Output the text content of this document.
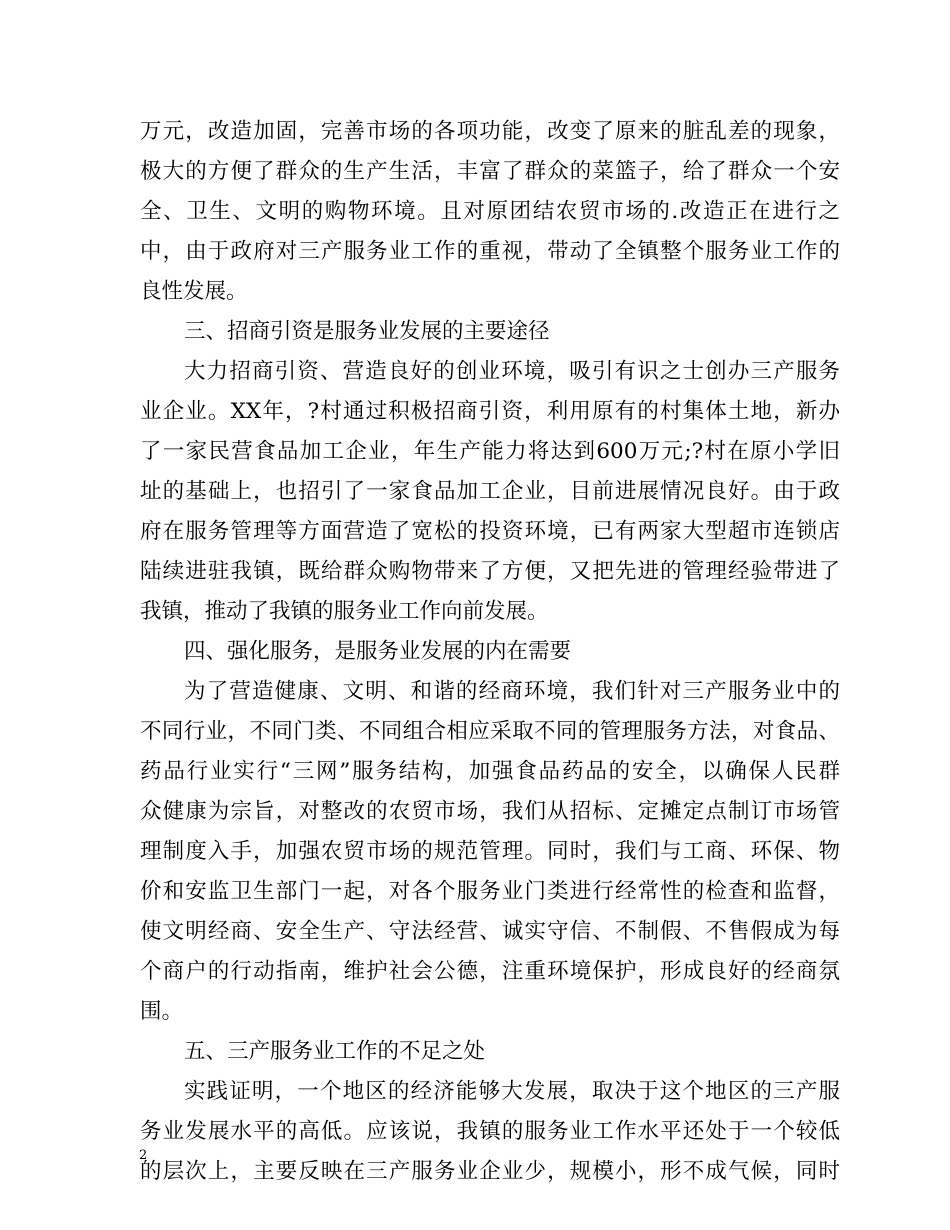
万元，改造加固，完善市场的各项功能，改变了原来的脏乱差的现象，
极大的方便了群众的生产生活，丰富了群众的菜篮子，给了群众一个安
全、卫生、文明的购物环境。且对原团结农贸市场的.改造正在进行之
中，由于政府对三产服务业工作的重视，带动了全镇整个服务业工作的
良性发展。
三、招商引资是服务业发展的主要途径
大力招商引资、营造良好的创业环境，吸引有识之士创办三产服务
业企业。XX年，?村通过积极招商引资，利用原有的村集体土地，新办
了一家民营食品加工企业，年生产能力将达到600万元;?村在原小学旧
址的基础上，也招引了一家食品加工企业，目前进展情况良好。由于政
府在服务管理等方面营造了宽松的投资环境，已有两家大型超市连锁店
陆续进驻我镇，既给群众购物带来了方便，又把先进的管理经验带进了
我镇，推动了我镇的服务业工作向前发展。
四、强化服务，是服务业发展的内在需要
为了营造健康、文明、和谐的经商环境，我们针对三产服务业中的
不同行业，不同门类、不同组合相应采取不同的管理服务方法，对食品、
药品行业实行“三网”服务结构，加强食品药品的安全，以确保人民群
众健康为宗旨，对整改的农贸市场，我们从招标、定摊定点制订市场管
理制度入手，加强农贸市场的规范管理。同时，我们与工商、环保、物
价和安监卫生部门一起，对各个服务业门类进行经常性的检查和监督，
使文明经商、安全生产、守法经营、诚实守信、不制假、不售假成为每
个商户的行动指南，维护社会公德，注重环境保护，形成良好的经商氛
围。
五、三产服务业工作的不足之处
实践证明，一个地区的经济能够大发展，取决于这个地区的三产服
务业发展水平的高低。应该说，我镇的服务业工作水平还处于一个较低
的层次上，主要反映在三产服务业企业少，规模小，形不成气候，同时
2
